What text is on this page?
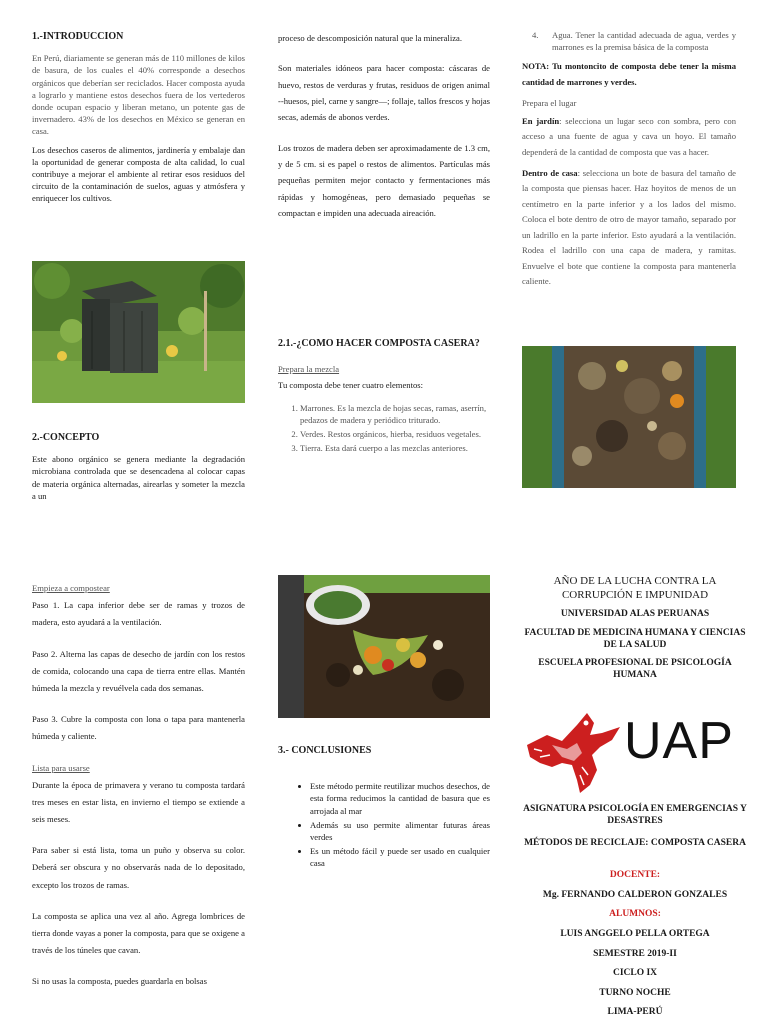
1.-INTRODUCCION

En Perú, diariamente se generan más de 110 millones de kilos de basura, de los cuales el 40% corresponde a desechos orgánicos que deberían ser reciclados. Hacer composta ayuda a lograrlo y mantiene estos desechos fuera de los vertederos donde ocupan espacio y liberan metano, un potente gas de invernadero. 43% de los desechos en México se generan en casa.

Los desechos caseros de alimentos, jardinería y embalaje dan la oportunidad de generar composta de alta calidad, lo cual contribuye a mejorar el ambiente al retirar esos residuos del circuito de la contaminación de suelos, aguas y atmósfera y enriquecer los cultivos.

2.-CONCEPTO

Este abono orgánico se genera mediante la degradación microbiana controlada que se desencadena al colocar capas de materia orgánica alternadas, airearlas y someter la mezcla a un

proceso de descomposición natural que la mineraliza.

Son materiales idóneos para hacer composta: cáscaras de huevo, restos de verduras y frutas, residuos de origen animal --huesos, piel, carne y sangre—; follaje, tallos frescos y hojas secas, además de abonos verdes.

Los trozos de madera deben ser aproximadamente de 1.3 cm, y de 5 cm. si es papel o restos de alimentos. Partículas más pequeñas permiten mejor contacto y fermentaciones más rápidas y homogéneas, pero demasiado pequeñas se compactan e impiden una adecuada aireación.

2.1.-¿COMO HACER COMPOSTA CASERA?
Prepara la mezcla

Tu composta debe tener cuatro elementos:

1. Marrones. Es la mezcla de hojas secas, ramas, aserrín, pedazos de madera y periódico triturado.
2. Verdes. Restos orgánicos, hierba, residuos vegetales.
3. Tierra. Esta dará cuerpo a las mezclas anteriores.
4.	Agua. Tener la cantidad adecuada de agua, verdes y marrones es la premisa básica de la composta

NOTA: Tu montoncito de composta debe tener la misma cantidad de marrones y verdes.

Prepara el lugar

En jardín: selecciona un lugar seco con sombra, pero con acceso a una fuente de agua y cava un hoyo. El tamaño dependerá de la cantidad de composta que vas a hacer.

Dentro de casa: selecciona un bote de basura del tamaño de la composta que piensas hacer. Haz hoyitos de menos de un centímetro en la parte inferior y a los lados del mismo. Coloca el bote dentro de otro de mayor tamaño, separado por un ladrillo en la parte inferior. Esto ayudará a la ventilación. Rodea el ladrillo con una capa de madera, y ramitas. Envuelve el bote que contiene la composta para mantenerla caliente.

Empieza a compostear

Paso 1. La capa inferior debe ser de ramas y trozos de madera, esto ayudará a la ventilación.

Paso 2. Alterna las capas de desecho de jardín con los restos de comida, colocando una capa de tierra entre ellas. Mantén húmeda la mezcla y revuélvela cada dos semanas.

Paso 3. Cubre la composta con lona o tapa para mantenerla húmeda y caliente.

Lista para usarse

Durante la época de primavera y verano tu composta tardará tres meses en estar lista, en invierno el tiempo se extiende a seis meses.

Para saber si está lista, toma un puño y observa su color. Deberá ser obscura y no observarás nada de lo depositado, excepto los trozos de ramas.

La composta se aplica una vez al año. Agrega lombrices de tierra donde vayas a poner la composta, para que se oxigene a través de los túneles que cavan.

Si no usas la composta, puedes guardarla en bolsas

3.- CONCLUSIONES
• Este método permite reutilizar muchos desechos, de esta forma reducimos la cantidad de basura que es arrojada al mar
• Además su uso permite alimentar futuras áreas verdes
• Es un método fácil y puede ser usado en cualquier casa
AÑO DE LA LUCHA CONTRA LA CORRUPCIÓN E IMPUNIDAD
UNIVERSIDAD ALAS PERUANAS
FACULTAD DE MEDICINA HUMANA Y CIENCIAS DE LA SALUD
ESCUELA PROFESIONAL DE PSICOLOGÍA HUMANA
UAP
ASIGNATURA PSICOLOGÍA EN EMERGENCIAS Y DESASTRES
MÉTODOS DE RECICLAJE: COMPOSTA CASERA
DOCENTE:
Mg. FERNANDO CALDERON GONZALES
ALUMNOS:
LUIS ANGGELO PELLA ORTEGA
SEMESTRE 2019-II
CICLO IX
TURNO NOCHE
LIMA-PERÚ
